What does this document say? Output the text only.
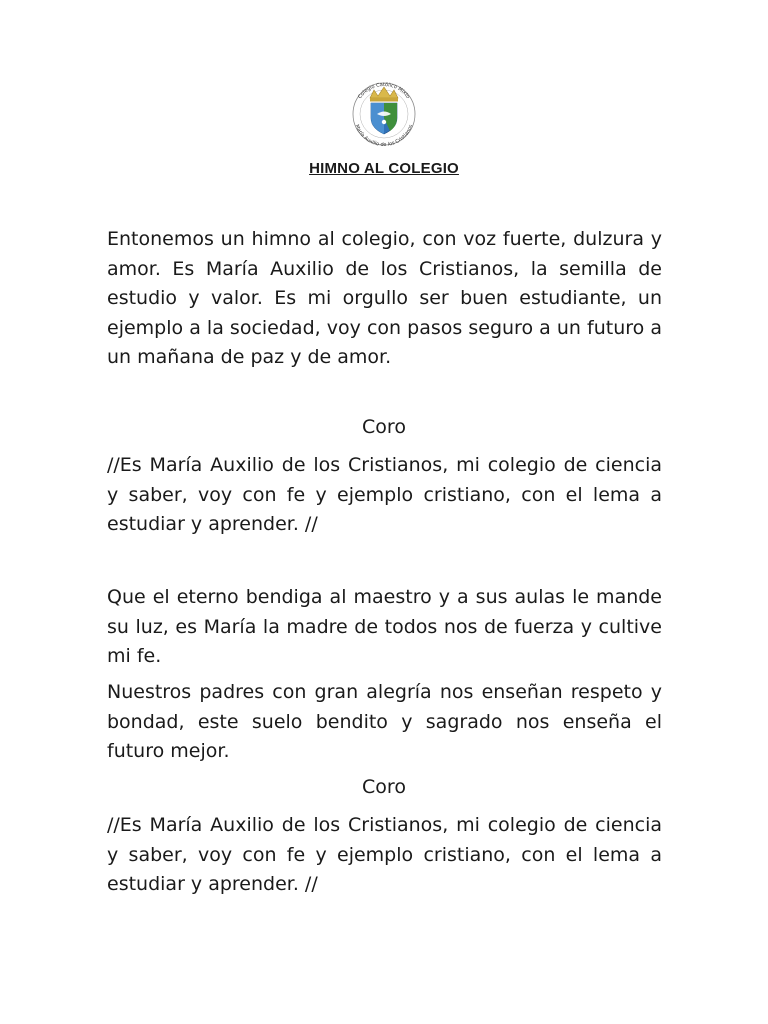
Colegio Católico Mixto
María Auxilio de los Cristianos
HIMNO AL COLEGIO

Entonemos un himno al colegio, con voz fuerte, dulzura y amor. Es María Auxilio de los Cristianos, la semilla de estudio y valor. Es mi orgullo ser buen estudiante, un ejemplo a la sociedad, voy con pasos seguro a un futuro a un mañana de paz y de amor.

Coro

//Es María Auxilio de los Cristianos, mi colegio de ciencia y saber, voy con fe y ejemplo cristiano, con el lema a estudiar y aprender. //

Que el eterno bendiga al maestro y a sus aulas le mande su luz, es María la madre de todos nos de fuerza y cultive mi fe.

Nuestros padres con gran alegría nos enseñan respeto y bondad, este suelo bendito y sagrado nos enseña el futuro mejor.

Coro

//Es María Auxilio de los Cristianos, mi colegio de ciencia y saber, voy con fe y ejemplo cristiano, con el lema a estudiar y aprender. //
